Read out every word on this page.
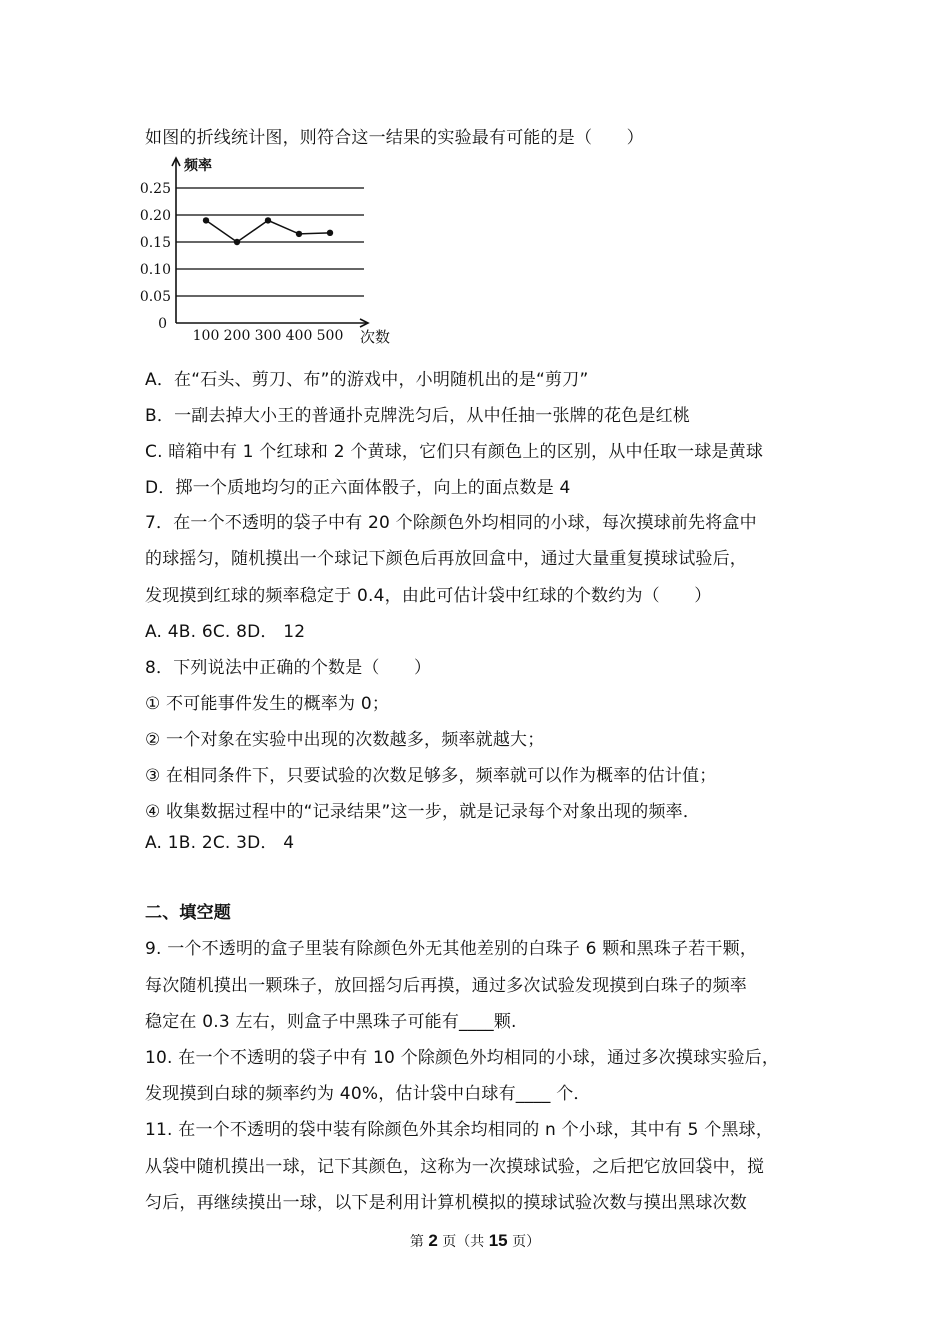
如图的折线统计图，则符合这一结果的实验最有可能的是（　　）
0
0.05
0.10
0.15
0.20
0.25
频率
次数
100 200 300 400 500
A．在“石头、剪刀、布”的游戏中，小明随机出的是“剪刀”
B．一副去掉大小王的普通扑克牌洗匀后，从中任抽一张牌的花色是红桃
C. 暗箱中有 1 个红球和 2 个黄球，它们只有颜色上的区别，从中任取一球是黄球
D．掷一个质地均匀的正六面体骰子，向上的面点数是 4
7．在一个不透明的袋子中有 20 个除颜色外均相同的小球，每次摸球前先将盒中
的球摇匀，随机摸出一个球记下颜色后再放回盒中，通过大量重复摸球试验后，
发现摸到红球的频率稳定于 0.4，由此可估计袋中红球的个数约为（　　）
A. 4B. 6C. 8D． 12
8．下列说法中正确的个数是（　　）
① 不可能事件发生的概率为 0；
② 一个对象在实验中出现的次数越多，频率就越大；
③ 在相同条件下，只要试验的次数足够多，频率就可以作为概率的估计值；
④ 收集数据过程中的“记录结果”这一步，就是记录每个对象出现的频率．
A. 1B. 2C. 3D． 4
二、填空题
9. 一个不透明的盒子里装有除颜色外无其他差别的白珠子 6 颗和黑珠子若干颗，
每次随机摸出一颗珠子，放回摇匀后再摸，通过多次试验发现摸到白珠子的频率
稳定在 0.3 左右，则盒子中黑珠子可能有____颗.
10. 在一个不透明的袋子中有 10 个除颜色外均相同的小球，通过多次摸球实验后，
发现摸到白球的频率约为 40%，估计袋中白球有____ 个．
11. 在一个不透明的袋中装有除颜色外其余均相同的 n 个小球，其中有 5 个黑球，
从袋中随机摸出一球，记下其颜色，这称为一次摸球试验，之后把它放回袋中，搅
匀后，再继续摸出一球，以下是利用计算机模拟的摸球试验次数与摸出黑球次数
第 2 页（共 15 页）
